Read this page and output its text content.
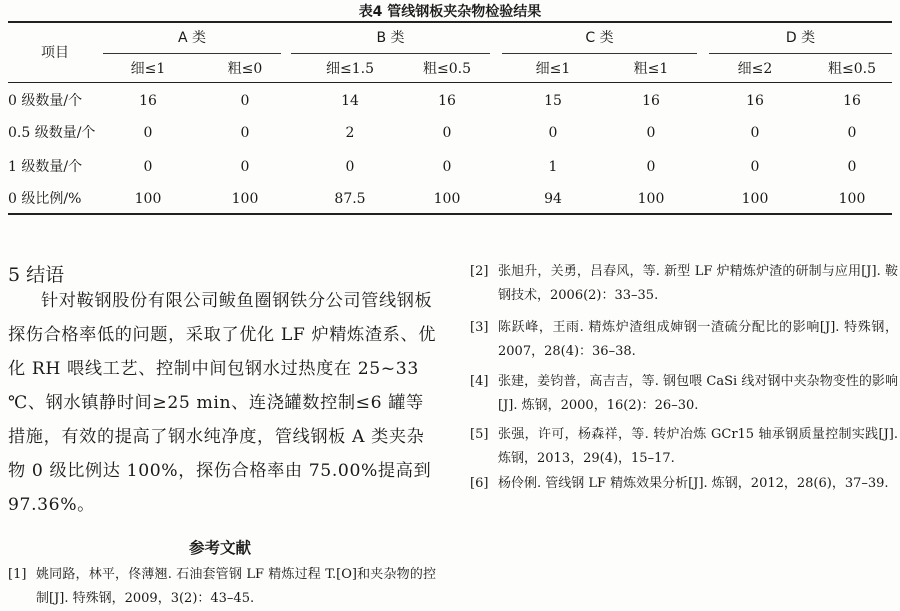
表4 管线钢板夹杂物检验结果
项目
A 类	B 类	C 类	D 类
细≤1	粗≤0	细≤1.5	粗≤0.5	细≤1	粗≤1	细≤2	粗≤0.5
0 级数量/个	16	0	14	16	15	16	16	16
0.5 级数量/个	0	0	2	0	0	0	0	0
1 级数量/个	0	0	0	0	1	0	0	0
0 级比例/%	100	100	87.5	100	94	100	100	100
5 结语

针对鞍钢股份有限公司鲅鱼圈钢铁分公司管线钢板探伤合格率低的问题，采取了优化 LF 炉精炼渣系、优化 RH 喂线工艺、控制中间包钢水过热度在 25~33 ℃、钢水镇静时间≥25 min、连浇罐数控制≤6 罐等措施，有效的提高了钢水纯净度，管线钢板 A 类夹杂物 0 级比例达 100%，探伤合格率由 75.00%提高到 97.36%。

参考文献
[1] 姚同路，林平，佟薄翘. 石油套管钢 LF 精炼过程 T.[O]和夹杂物的控制[J]. 特殊钢，2009，3(2)：43–45.
[2] 张旭升，关勇，吕春风，等. 新型 LF 炉精炼炉渣的研制与应用[J]. 鞍钢技术，2006(2)：33–35.
[3] 陈跃峰，王雨. 精炼炉渣组成婶钢一渣硫分配比的影响[J]. 特殊钢，2007，28(4)：36–38.
[4] 张建，姜钧普，高吉吉，等. 钢包喂 CaSi 线对钢中夹杂物变性的影响[J]. 炼钢，2000，16(2)：26–30.
[5] 张强，许可，杨森祥，等. 转炉冶炼 GCr15 轴承钢质量控制实践[J]. 炼钢，2013，29(4)，15–17.
[6] 杨伶俐. 管线钢 LF 精炼效果分析[J]. 炼钢，2012，28(6)，37–39.
